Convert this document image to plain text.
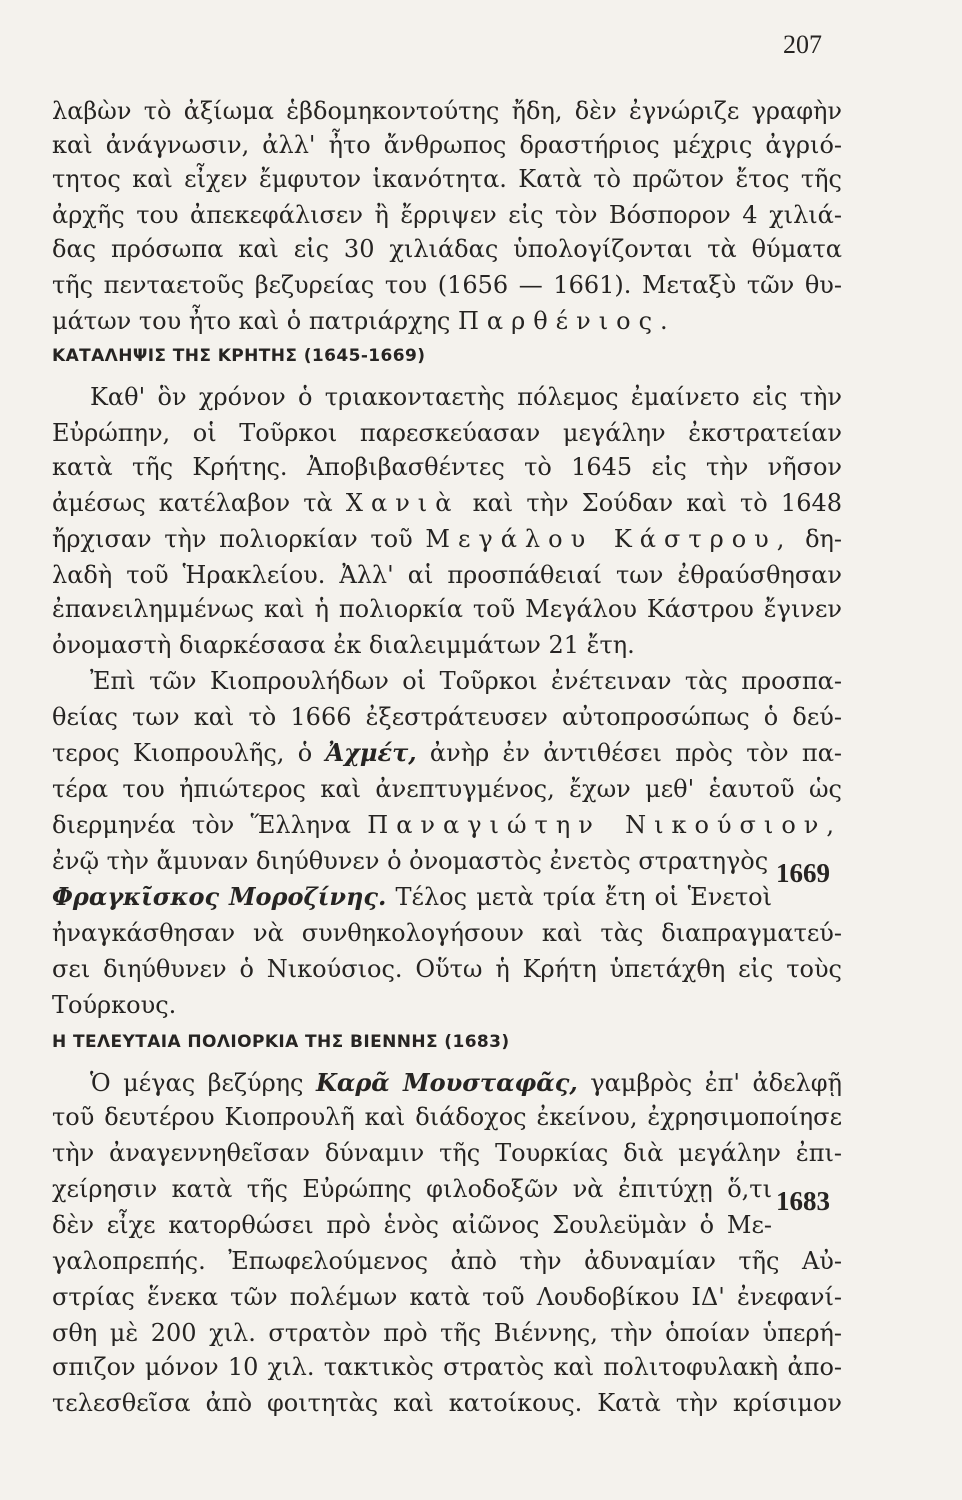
207
λαβὼν τὸ ἀξίωμα ἑβδομηκοντούτης ἤδη, δὲν ἐγνώριζε γραφὴν
καὶ ἀνάγνωσιν, ἀλλ' ἦτο ἄνθρωπος δραστήριος μέχρις ἀγριό-
τητος καὶ εἶχεν ἔμφυτον ἱκανότητα. Κατὰ τὸ πρῶτον ἔτος τῆς
ἀρχῆς του ἀπεκεφάλισεν ἢ ἔρριψεν εἰς τὸν Βόσπορον 4 χιλιά-
δας πρόσωπα καὶ εἰς 30 χιλιάδας ὑπολογίζονται τὰ θύματα
τῆς πενταετοῦς βεζυρείας του (1656 — 1661). Μεταξὺ τῶν θυ-
μάτων του ἦτο καὶ ὁ πατριάρχης Παρθένιος.
ΚΑΤΑΛΗΨΙΣ ΤΗΣ ΚΡΗΤΗΣ (1645-1669)
Καθ' ὃν χρόνον ὁ τριακονταετὴς πόλεμος ἐμαίνετο εἰς τὴν
Εὐρώπην, οἱ Τοῦρκοι παρεσκεύασαν μεγάλην ἐκστρατείαν
κατὰ τῆς Κρήτης. Ἀποβιβασθέντες τὸ 1645 εἰς τὴν νῆσον
ἀμέσως κατέλαβον τὰ Χανιὰ καὶ τὴν Σούδαν καὶ τὸ 1648
ἤρχισαν τὴν πολιορκίαν τοῦ Μεγάλου Κάστρου, δη-
λαδὴ τοῦ Ἡρακλείου. Ἀλλ' αἱ προσπάθειαί των ἐθραύσθησαν
ἐπανειλημμένως καὶ ἡ πολιορκία τοῦ Μεγάλου Κάστρου ἔγινεν
ὀνομαστὴ διαρκέσασα ἐκ διαλειμμάτων 21 ἔτη.
Ἐπὶ τῶν Κιοπρουλήδων οἱ Τοῦρκοι ἐνέτειναν τὰς προσπα-
θείας των καὶ τὸ 1666 ἐξεστράτευσεν αὐτοπροσώπως ὁ δεύ-
τερος Κιοπρουλῆς, ὁ Ἀχμέτ, ἀνὴρ ἐν ἀντιθέσει πρὸς τὸν πα-
τέρα του ἠπιώτερος καὶ ἀνεπτυγμένος, ἔχων μεθ' ἑαυτοῦ ὡς
διερμηνέα τὸν Ἕλληνα Παναγιώτην Νικούσιον,
ἐνῷ τὴν ἄμυναν διηύθυνεν ὁ ὀνομαστὸς ἐνετὸς στρατηγὸς 1669
Φραγκῖσκος Μοροζίνης. Τέλος μετὰ τρία ἔτη οἱ Ἑνετοὶ
ἠναγκάσθησαν νὰ συνθηκολογήσουν καὶ τὰς διαπραγματεύ-
σει διηύθυνεν ὁ Νικούσιος. Οὕτω ἡ Κρήτη ὑπετάχθη εἰς τοὺς
Τούρκους.
Η ΤΕΛΕΥΤΑΙΑ ΠΟΛΙΟΡΚΙΑ ΤΗΣ ΒΙΕΝΝΗΣ (1683)
Ὁ μέγας βεζύρης Καρᾶ Μουσταφᾶς, γαμβρὸς ἐπ' ἀδελφῇ
τοῦ δευτέρου Κιοπρουλῆ καὶ διάδοχος ἐκείνου, ἐχρησιμοποίησε
τὴν ἀναγεννηθεῖσαν δύναμιν τῆς Τουρκίας διὰ μεγάλην ἐπι-
χείρησιν κατὰ τῆς Εὐρώπης φιλοδοξῶν νὰ ἐπιτύχῃ ὅ,τι 1683
δὲν εἶχε κατορθώσει πρὸ ἑνὸς αἰῶνος Σουλεϋμὰν ὁ Με-
γαλοπρεπής. Ἐπωφελούμενος ἀπὸ τὴν ἀδυναμίαν τῆς Αὐ-
στρίας ἕνεκα τῶν πολέμων κατὰ τοῦ Λουδοβίκου ΙΔ' ἐνεφανί-
σθη μὲ 200 χιλ. στρατὸν πρὸ τῆς Βιέννης, τὴν ὁποίαν ὑπερή-
σπιζον μόνον 10 χιλ. τακτικὸς στρατὸς καὶ πολιτοφυλακὴ ἀπο-
τελεσθεῖσα ἀπὸ φοιτητὰς καὶ κατοίκους. Κατὰ τὴν κρίσιμον
